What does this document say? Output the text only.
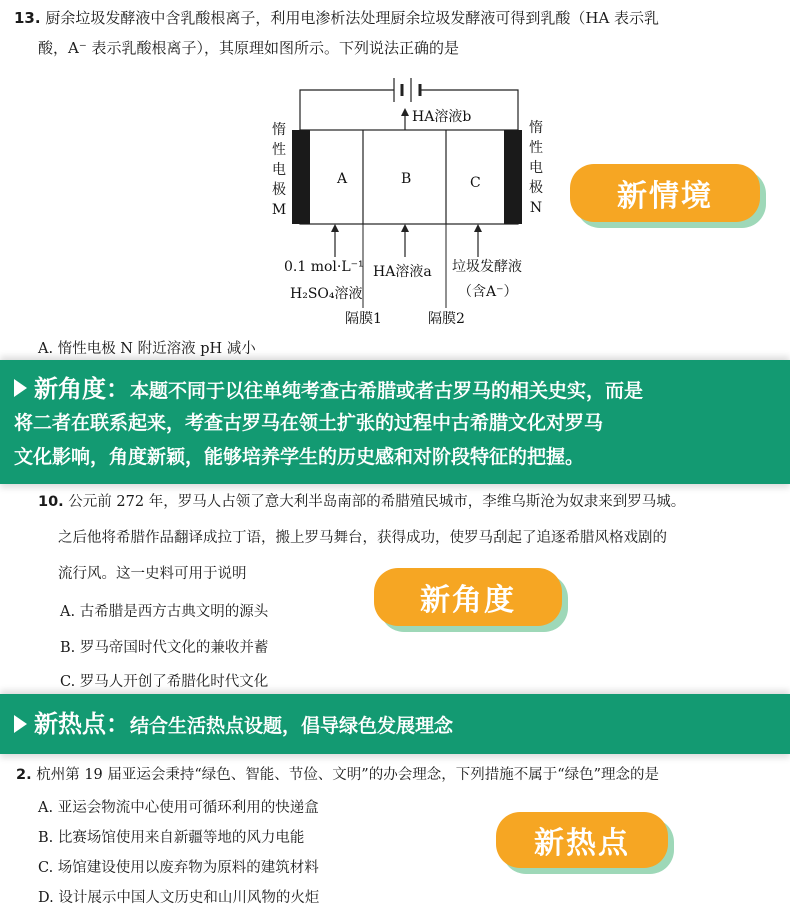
13. 厨余垃圾发酵液中含乳酸根离子，利用电渗析法处理厨余垃圾发酵液可得到乳酸（HA 表示乳
酸，A⁻ 表示乳酸根离子），其原理如图所示。下列说法正确的是
HA溶液b
A	B	C
惰
性
电
极
M
惰
性
电
极
N
0.1 mol·L⁻¹
H₂SO₄溶液
HA溶液a 垃圾发酵液
（含A⁻）
隔膜1	隔膜2
新情境
A. 惰性电极 N 附近溶液 pH 减小
新角度：本题不同于以往单纯考查古希腊或者古罗马的相关史实，而是
将二者在联系起来，考查古罗马在领土扩张的过程中古希腊文化对罗马
文化影响，角度新颖，能够培养学生的历史感和对阶段特征的把握。
10. 公元前 272 年，罗马人占领了意大利半岛南部的希腊殖民城市，李维乌斯沧为奴隶来到罗马城。
之后他将希腊作品翻译成拉丁语，搬上罗马舞台，获得成功，使罗马刮起了追逐希腊风格戏剧的
流行风。这一史料可用于说明
A. 古希腊是西方古典文明的源头
B. 罗马帝国时代文化的兼收并蓄
C. 罗马人开创了希腊化时代文化
新角度
新热点：结合生活热点设题，倡导绿色发展理念
2. 杭州第 19 届亚运会秉持“绿色、智能、节俭、文明”的办会理念，下列措施不属于“绿色”理念的是
A. 亚运会物流中心使用可循环利用的快递盒
B. 比赛场馆使用来自新疆等地的风力电能
C. 场馆建设使用以废弃物为原料的建筑材料
D. 设计展示中国人文历史和山川风物的火炬
新热点
